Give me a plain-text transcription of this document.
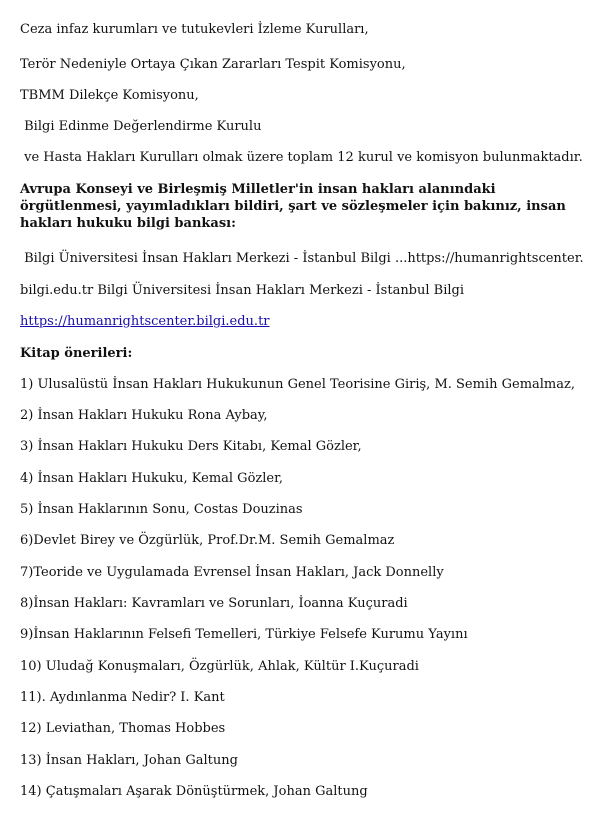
Ceza infaz kurumları ve tutukevleri İzleme Kurulları,
Terör Nedeniyle Ortaya Çıkan Zararları Tespit Komisyonu,
TBMM Dilekçe Komisyonu,
Bilgi Edinme Değerlendirme Kurulu
ve Hasta Hakları Kurulları olmak üzere toplam 12 kurul ve komisyon bulunmaktadır.
Avrupa Konseyi ve Birleşmiş Milletler'in insan hakları alanındaki örgütlenmesi, yayımladıkları bildiri, şart ve sözleşmeler için bakınız, insan hakları hukuku bilgi bankası:
Bilgi Üniversitesi İnsan Hakları Merkezi - İstanbul Bilgi ...https://humanrightscenter.
bilgi.edu.tr Bilgi Üniversitesi İnsan Hakları Merkezi - İstanbul Bilgi
https://humanrightscenter.bilgi.edu.tr
Kitap önerileri:
1) Ulusalüstü İnsan Hakları Hukukunun Genel Teorisine Giriş, M. Semih Gemalmaz,
2) İnsan Hakları Hukuku Rona Aybay,
3) İnsan Hakları Hukuku Ders Kitabı, Kemal Gözler,
4) İnsan Hakları Hukuku, Kemal Gözler,
5) İnsan Haklarının Sonu, Costas Douzinas
6)Devlet Birey ve Özgürlük, Prof.Dr.M. Semih Gemalmaz
7)Teoride ve Uygulamada Evrensel İnsan Hakları, Jack Donnelly
8)İnsan Hakları: Kavramları ve Sorunları, İoanna Kuçuradi
9)İnsan Haklarının Felsefi Temelleri, Türkiye Felsefe Kurumu Yayını
10) Uludağ Konuşmaları, Özgürlük, Ahlak, Kültür I.Kuçuradi
11). Aydınlanma Nedir? I. Kant
12) Leviathan, Thomas Hobbes
13) İnsan Hakları, Johan Galtung
14) Çatışmaları Aşarak Dönüştürmek, Johan Galtung
